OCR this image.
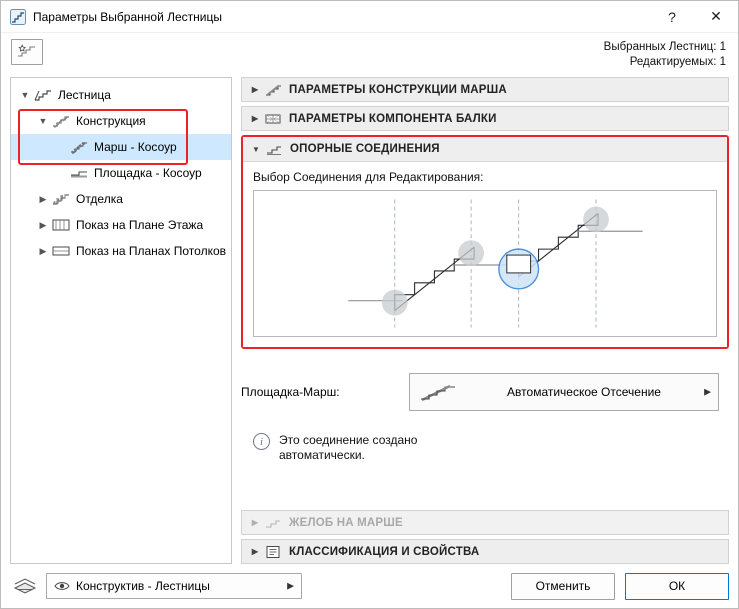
Параметры Выбранной Лестницы	?	✕
Выбранных Лестниц: 1
Редактируемых: 1
▼ Лестница
▼ Конструкция
Марш - Косоур
Площадка - Косоур
▶	Отделка
▶	Показ на Плане Этажа
▶	Показ на Планах Потолков
▶	ПАРАМЕТРЫ КОНСТРУКЦИИ МАРША
▶	ПАРАМЕТРЫ КОМПОНЕНТА БАЛКИ
▼	ОПОРНЫЕ СОЕДИНЕНИЯ
Выбор Соединения для Редактирования:
Площадка-Марш:	Автоматическое Отсечение	▶
i	Это соединение создано
автоматически.
▶	ЖЕЛОБ НА МАРШЕ
▶	КЛАССИФИКАЦИЯ И СВОЙСТВА
Конструктив - Лестницы	▶	Отменить	ОК
